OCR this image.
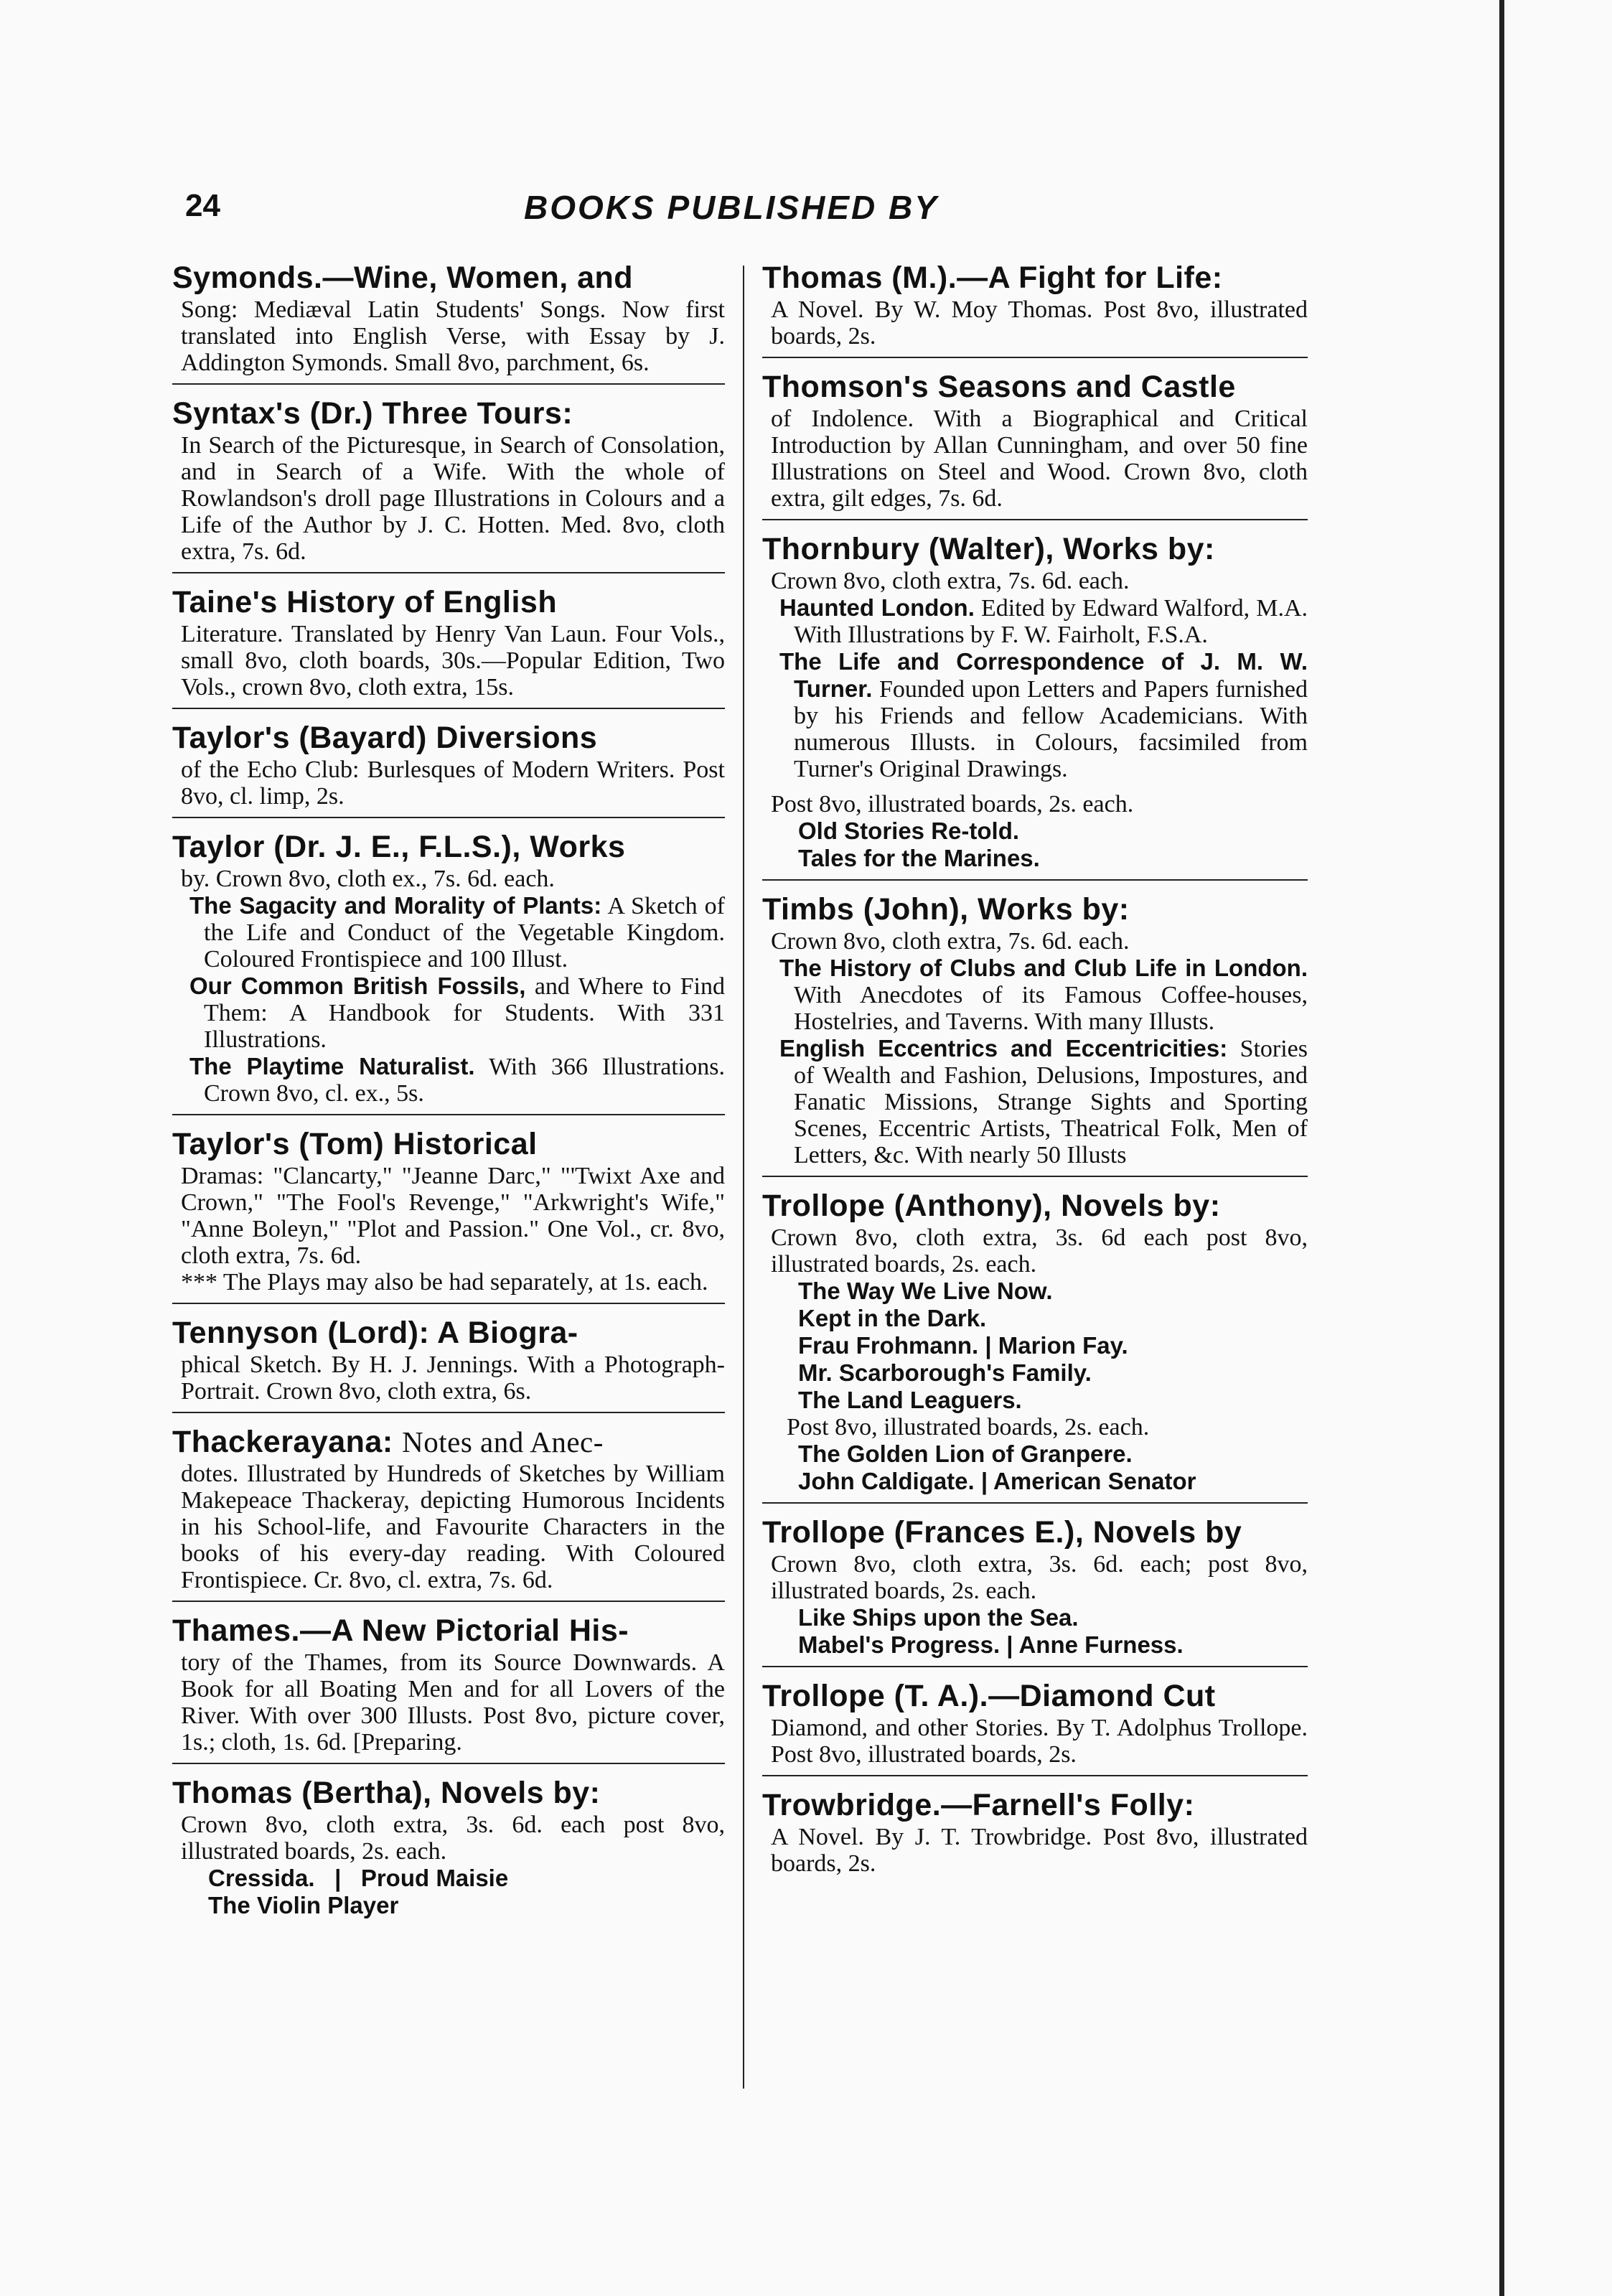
24	BOOKS PUBLISHED BY
Symonds.—Wine, Women, and

Song: Mediæval Latin Students' Songs. Now first translated into English Verse, with Essay by J. Addington Symonds. Small 8vo, parchment, 6s.

Syntax's (Dr.) Three Tours:

In Search of the Picturesque, in Search of Consolation, and in Search of a Wife. With the whole of Rowlandson's droll page Illustrations in Colours and a Life of the Author by J. C. Hotten. Med. 8vo, cloth extra, 7s. 6d.

Taine's History of English

Literature. Translated by Henry Van Laun. Four Vols., small 8vo, cloth boards, 30s.—Popular Edition, Two Vols., crown 8vo, cloth extra, 15s.

Taylor's (Bayard) Diversions

of the Echo Club: Burlesques of Modern Writers. Post 8vo, cl. limp, 2s.

Taylor (Dr. J. E., F.L.S.), Works

by. Crown 8vo, cloth ex., 7s. 6d. each.

The Sagacity and Morality of Plants: A Sketch of the Life and Conduct of the Vegetable Kingdom. Coloured Frontispiece and 100 Illust.

Our Common British Fossils, and Where to Find Them: A Handbook for Students. With 331 Illustrations.

The Playtime Naturalist. With 366 Illustrations. Crown 8vo, cl. ex., 5s.

Taylor's (Tom) Historical

Dramas: "Clancarty," "Jeanne Darc," "'Twixt Axe and Crown," "The Fool's Revenge," "Arkwright's Wife," "Anne Boleyn," "Plot and Passion." One Vol., cr. 8vo, cloth extra, 7s. 6d.

*** The Plays may also be had separately, at 1s. each.

Tennyson (Lord): A Biogra-

phical Sketch. By H. J. Jennings. With a Photograph-Portrait. Crown 8vo, cloth extra, 6s.

Thackerayana: Notes and Anec-

dotes. Illustrated by Hundreds of Sketches by William Makepeace Thackeray, depicting Humorous Incidents in his School-life, and Favourite Characters in the books of his every-day reading. With Coloured Frontispiece. Cr. 8vo, cl. extra, 7s. 6d.

Thames.—A New Pictorial His-

tory of the Thames, from its Source Downwards. A Book for all Boating Men and for all Lovers of the River. With over 300 Illusts. Post 8vo, picture cover, 1s.; cloth, 1s. 6d. [Preparing.

Thomas (Bertha), Novels by:

Crown 8vo, cloth extra, 3s. 6d. each post 8vo, illustrated boards, 2s. each.

Cressida.   |   Proud Maisie
The Violin Player
Thomas (M.).—A Fight for Life:

A Novel. By W. Moy Thomas. Post 8vo, illustrated boards, 2s.

Thomson's Seasons and Castle

of Indolence. With a Biographical and Critical Introduction by Allan Cunningham, and over 50 fine Illustrations on Steel and Wood. Crown 8vo, cloth extra, gilt edges, 7s. 6d.

Thornbury (Walter), Works by:

Crown 8vo, cloth extra, 7s. 6d. each.

Haunted London. Edited by Edward Walford, M.A. With Illustrations by F. W. Fairholt, F.S.A.

The Life and Correspondence of J. M. W. Turner. Founded upon Letters and Papers furnished by his Friends and fellow Academicians. With numerous Illusts. in Colours, facsimiled from Turner's Original Drawings.

Post 8vo, illustrated boards, 2s. each.

Old Stories Re-told.
Tales for the Marines.
Timbs (John), Works by:

Crown 8vo, cloth extra, 7s. 6d. each.

The History of Clubs and Club Life in London. With Anecdotes of its Famous Coffee-houses, Hostelries, and Taverns. With many Illusts.

English Eccentrics and Eccentricities: Stories of Wealth and Fashion, Delusions, Impostures, and Fanatic Missions, Strange Sights and Sporting Scenes, Eccentric Artists, Theatrical Folk, Men of Letters, &c. With nearly 50 Illusts

Trollope (Anthony), Novels by:

Crown 8vo, cloth extra, 3s. 6d each post 8vo, illustrated boards, 2s. each.

The Way We Live Now.
Kept in the Dark.
Frau Frohmann. | Marion Fay.
Mr. Scarborough's Family.
The Land Leaguers.
Post 8vo, illustrated boards, 2s. each.
The Golden Lion of Granpere.
John Caldigate. | American Senator
Trollope (Frances E.), Novels by

Crown 8vo, cloth extra, 3s. 6d. each; post 8vo, illustrated boards, 2s. each.

Like Ships upon the Sea.
Mabel's Progress. | Anne Furness.
Trollope (T. A.).—Diamond Cut

Diamond, and other Stories. By T. Adolphus Trollope. Post 8vo, illustrated boards, 2s.

Trowbridge.—Farnell's Folly:

A Novel. By J. T. Trowbridge. Post 8vo, illustrated boards, 2s.
